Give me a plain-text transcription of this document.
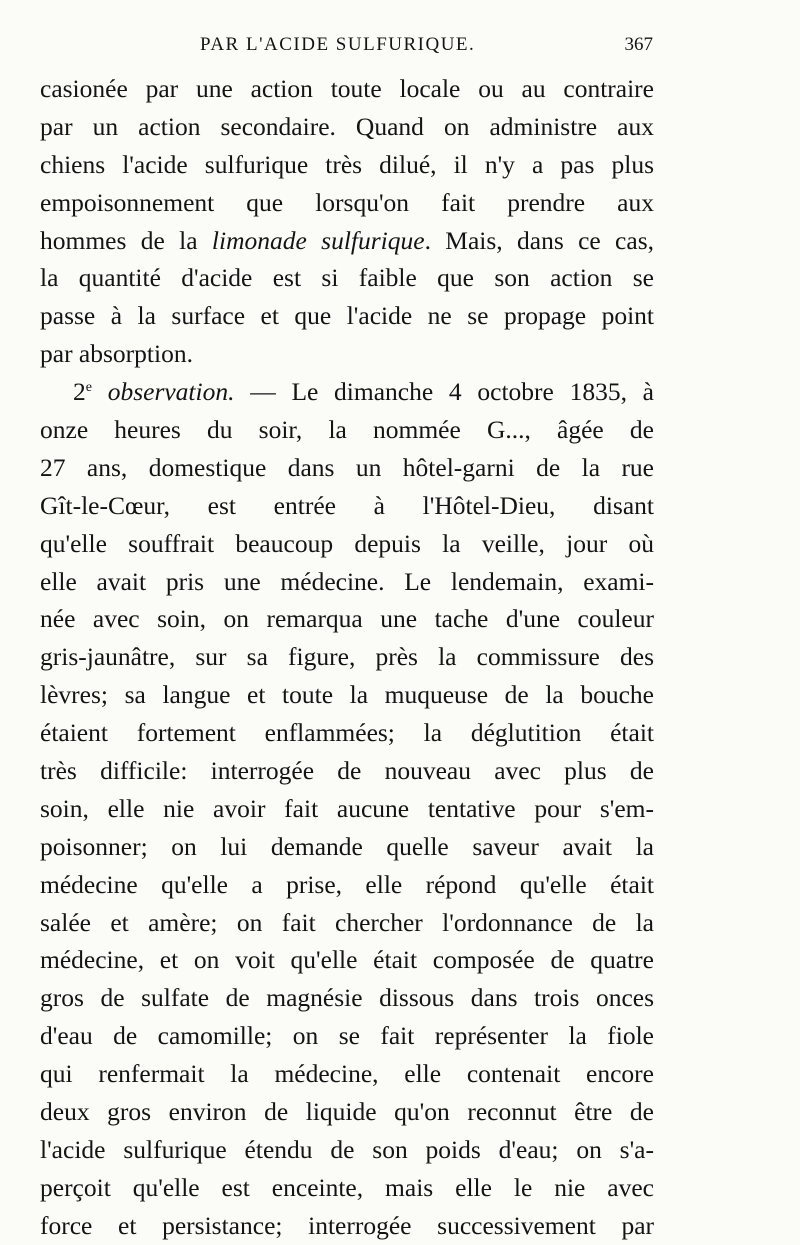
PAR L'ACIDE SULFURIQUE.	367
casionée par une action toute locale ou au contraire
par un action secondaire. Quand on administre aux
chiens l'acide sulfurique très dilué, il n'y a pas plus
empoisonnement que lorsqu'on fait prendre aux
hommes de la limonade sulfurique. Mais, dans ce cas,
la quantité d'acide est si faible que son action se
passe à la surface et que l'acide ne se propage point
par absorption.
2e observation. — Le dimanche 4 octobre 1835, à
onze heures du soir, la nommée G..., âgée de
27 ans, domestique dans un hôtel-garni de la rue
Gît-le-Cœur, est entrée à l'Hôtel-Dieu, disant
qu'elle souffrait beaucoup depuis la veille, jour où
elle avait pris une médecine. Le lendemain, exami-
née avec soin, on remarqua une tache d'une couleur
gris-jaunâtre, sur sa figure, près la commissure des
lèvres; sa langue et toute la muqueuse de la bouche
étaient fortement enflammées; la déglutition était
très difficile: interrogée de nouveau avec plus de
soin, elle nie avoir fait aucune tentative pour s'em-
poisonner; on lui demande quelle saveur avait la
médecine qu'elle a prise, elle répond qu'elle était
salée et amère; on fait chercher l'ordonnance de la
médecine, et on voit qu'elle était composée de quatre
gros de sulfate de magnésie dissous dans trois onces
d'eau de camomille; on se fait représenter la fiole
qui renfermait la médecine, elle contenait encore
deux gros environ de liquide qu'on reconnut être de
l'acide sulfurique étendu de son poids d'eau; on s'a-
perçoit qu'elle est enceinte, mais elle le nie avec
force et persistance; interrogée successivement par
